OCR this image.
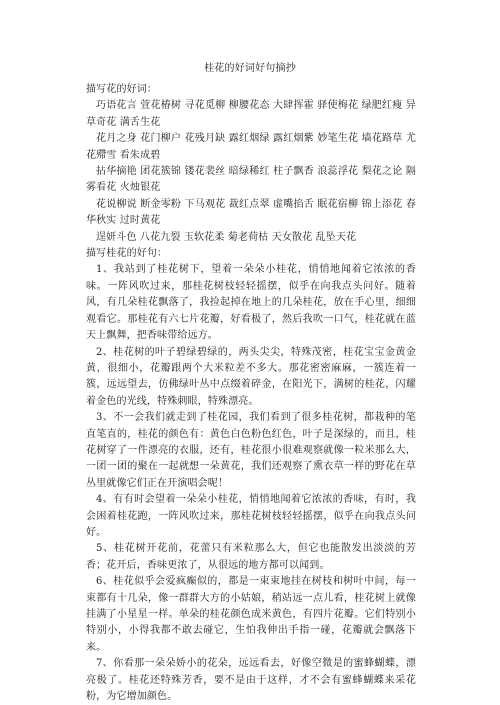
桂花的好词好句摘抄

描写花的好词：

巧语花言 萱花椿树 寻花觅柳 柳腰花态 大肆挥霍 驿使梅花 绿肥红瘦 异草奇花 满舌生花

花月之身 花门柳户 花残月缺 露红烟绿 露红烟紫 妙笔生花 墙花路草 尤花殢雪 看朱成碧

拈华摘艳 团花簇锦 镂花裴丝 暗绿稀红 柱子飘香 浪蕊浮花 梨花之论 隔雾看花 火烛银花

花说柳说 断金零粉 下马观花 裁红点翠 虚嘴掐舌 眠花宿柳 锦上添花 春华秋实 过时黄花

逞妍斗色 八花九裂 玉软花柔 菊老荷枯 天女散花 乱坠天花

描写桂花的好句：

1、我站到了桂花树下，望着一朵朵小桂花，悄悄地闻着它浓浓的香味。一阵风吹过来，那桂花树枝轻轻摇摆，似乎在向我点头问好。随着风，有几朵桂花飘落了，我捡起掉在地上的几朵桂花，放在手心里，细细观看它。那桂花有六七片花瓣，好看极了，然后我吹一口气，桂花就在蓝天上飘舞，把香味带给远方。

2、桂花树的叶子碧绿碧绿的，两头尖尖，特殊茂密，桂花宝宝金黄金黄，很细小，花瓣跟两个大米粒差不多大。那花密密麻麻，一簇连着一簇，远远望去，仿佛绿叶丛中点缀着碎金，在阳光下，满树的桂花，闪耀着金色的光线，特殊刺眼，特殊漂亮。

3、不一会我们就走到了桂花园，我们看到了很多桂花树，都栽种的笔直笔直的，桂花的颜色有：黄色白色粉色红色，叶子是深绿的，而且，桂花树穿了一件漂亮的衣服，还有，桂花很小很难观察就像一粒米那么大，一团一团的聚在一起就想一朵黄花，我们还观察了熏衣草一样的野花在草丛里就像它们正在开演唱会呢！

4、有有时会望着一朵朵小桂花，悄悄地闻着它浓浓的香味，有时，我会困着桂花跑，一阵风吹过来，那桂花树枝轻轻摇摆，似乎在向我点头问好。

5、桂花树开花前，花蕾只有米粒那么大，但它也能散发出淡淡的芳香；花开后，香味更浓了，从很远的地方都可以闻到。

6、桂花似乎会爱疯癫似的，都是一束束地挂在树枝和树叶中间，每一束都有十几朵，像一群群大方的小姑娘，稍站远一点儿看，桂花树上就像挂满了小星星一样。单朵的桂花颜色成米黄色，有四片花瓣。它们特别小特别小，小得我都不敢去碰它，生怕我伸出手指一碰，花瓣就会飘落下来。

7、你看那一朵朵娇小的花朵，远远看去，好像空微是的蜜蜂蝴蝶，漂亮极了。桂花还特殊芳香，要不是由于这样，才不会有蜜蜂蝴蝶来采花粉，为它增加颜色。
